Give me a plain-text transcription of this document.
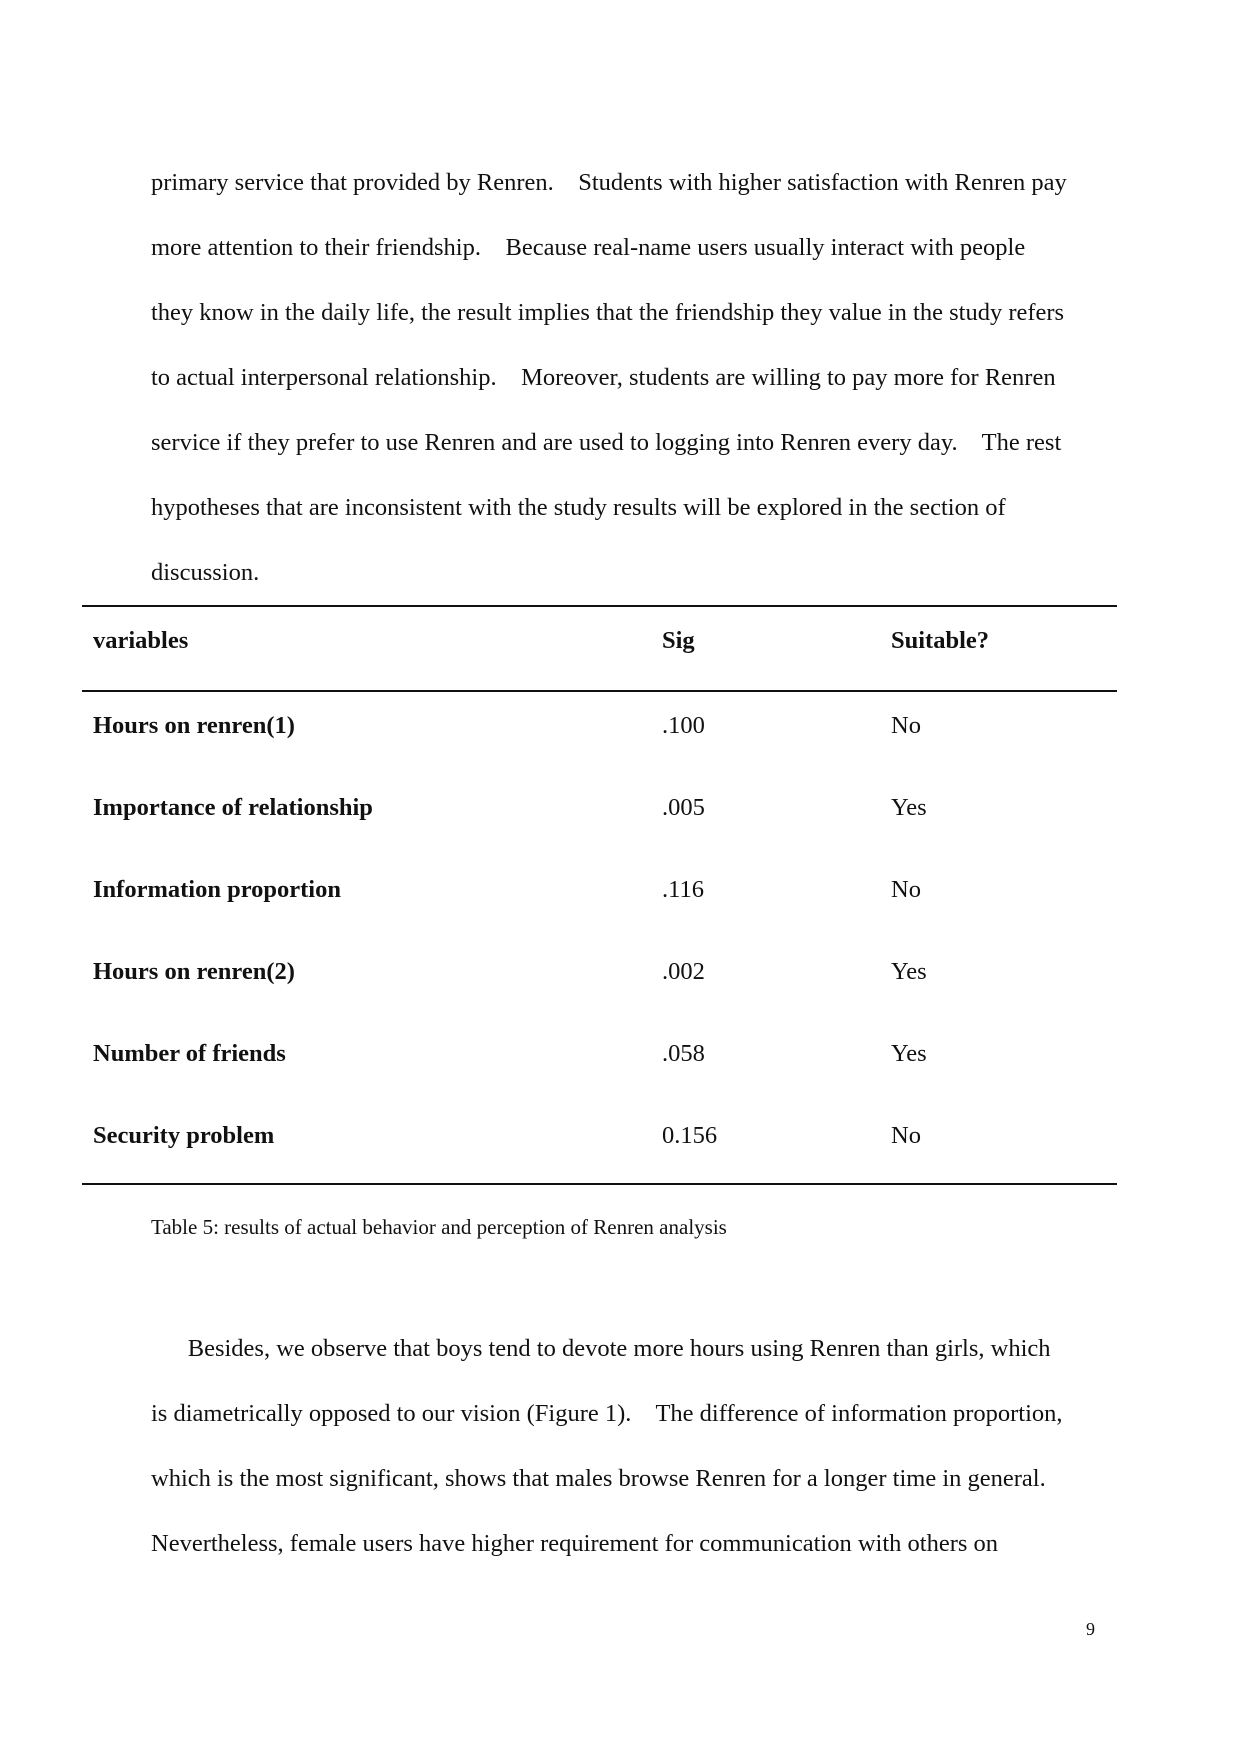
primary service that provided by Renren.    Students with higher satisfaction with Renren pay
more attention to their friendship.    Because real-name users usually interact with people
they know in the daily life, the result implies that the friendship they value in the study refers
to actual interpersonal relationship.    Moreover, students are willing to pay more for Renren
service if they prefer to use Renren and are used to logging into Renren every day.    The rest
hypotheses that are inconsistent with the study results will be explored in the section of
discussion.
variables	Sig	Suitable?
Hours on renren(1)	.100	No
Importance of relationship	.005	Yes
Information proportion	.116	No
Hours on renren(2)	.002	Yes
Number of friends	.058	Yes
Security problem	0.156	No
Table 5: results of actual behavior and perception of Renren analysis
Besides, we observe that boys tend to devote more hours using Renren than girls, which
is diametrically opposed to our vision (Figure 1).    The difference of information proportion,
which is the most significant, shows that males browse Renren for a longer time in general.
Nevertheless, female users have higher requirement for communication with others on
9
